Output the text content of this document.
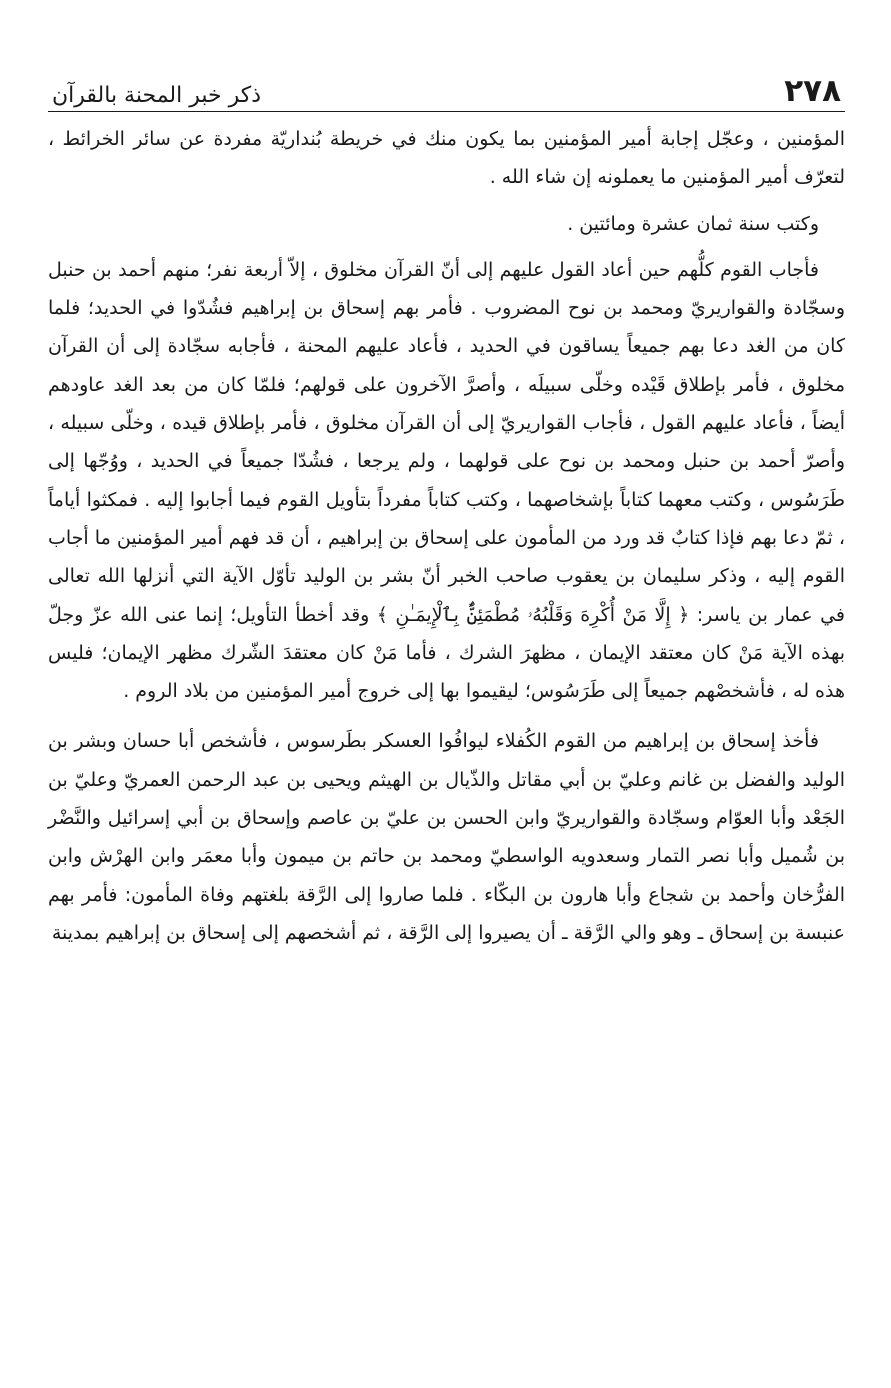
٢٧٨
ذكر خبر المحنة بالقرآن

المؤمنين ، وعجّل إجابة أمير المؤمنين بما يكون منك في خريطة بُنداريّة مفردة عن سائر الخرائط ، لتعرّف أمير المؤمنين ما يعملونه إن شاء الله .

وكتب سنة ثمان عشرة ومائتين .

فأجاب القوم كلُّهم حين أعاد القول عليهم إلى أنّ القرآن مخلوق ، إلاّ أربعة نفر؛ منهم أحمد بن حنبل وسجّادة والقواريريّ ومحمد بن نوح المضروب . فأمر بهم إسحاق بن إبراهيم فشُدّوا في الحديد؛ فلما كان من الغد دعا بهم جميعاً يساقون في الحديد ، فأعاد عليهم المحنة ، فأجابه سجّادة إلى أن القرآن مخلوق ، فأمر بإطلاق قَيْده وخلّى سبيلَه ، وأصرَّ الآخرون على قولهم؛ فلمّا كان من بعد الغد عاودهم أيضاً ، فأعاد عليهم القول ، فأجاب القواريريّ إلى أن القرآن مخلوق ، فأمر بإطلاق قيده ، وخلّى سبيله ، وأصرّ أحمد بن حنبل ومحمد بن نوح على قولهما ، ولم يرجعا ، فشُدّا جميعاً في الحديد ، ووُجّها إلى طَرَسُوس ، وكتب معهما كتاباً بإشخاصهما ، وكتب كتاباً مفرداً بتأويل القوم فيما أجابوا إليه . فمكثوا أياماً ، ثمّ دعا بهم فإذا كتابٌ قد ورد من المأمون على إسحاق بن إبراهيم ، أن قد فهم أمير المؤمنين ما أجاب القوم إليه ، وذكر سليمان بن يعقوب صاحب الخبر أنّ بشر بن الوليد تأوّل الآية التي أنزلها الله تعالى في عمار بن ياسر: ﴿ إِلَّا مَنْ أُكْرِهَ وَقَلْبُهُۥ مُطْمَئِنٌّۢ بِٱلْإِيمَـٰنِ ﴾ وقد أخطأ التأويل؛ إنما عنى الله عزّ وجلّ بهذه الآية مَنْ كان معتقد الإيمان ، مظهرَ الشرك ، فأما مَنْ كان معتقدَ الشّرك مظهر الإيمان؛ فليس هذه له ، فأشخصْهم جميعاً إلى طَرَسُوس؛ ليقيموا بها إلى خروج أمير المؤمنين من بلاد الروم .

فأخذ إسحاق بن إبراهيم من القوم الكُفلاء ليوافُوا العسكر بطَرسوس ، فأشخص أبا حسان وبشر بن الوليد والفضل بن غانم وعليّ بن أبي مقاتل والذّيال بن الهيثم ويحيى بن عبد الرحمن العمريّ وعليّ بن الجَعْد وأبا العوّام وسجّادة والقواريريّ وابن الحسن بن عليّ بن عاصم وإسحاق بن أبي إسرائيل والنَّضْر بن شُميل وأبا نصر التمار وسعدويه الواسطيّ ومحمد بن حاتم بن ميمون وأبا معمَر وابن الهرْش وابن الفرُّخان وأحمد بن شجاع وأبا هارون بن البكّاء . فلما صاروا إلى الرَّقة بلغتهم وفاة المأمون: فأمر بهم عنبسة بن إسحاق ـ وهو والي الرَّقة ـ أن يصيروا إلى الرَّقة ، ثم أشخصهم إلى إسحاق بن إبراهيم بمدينة
